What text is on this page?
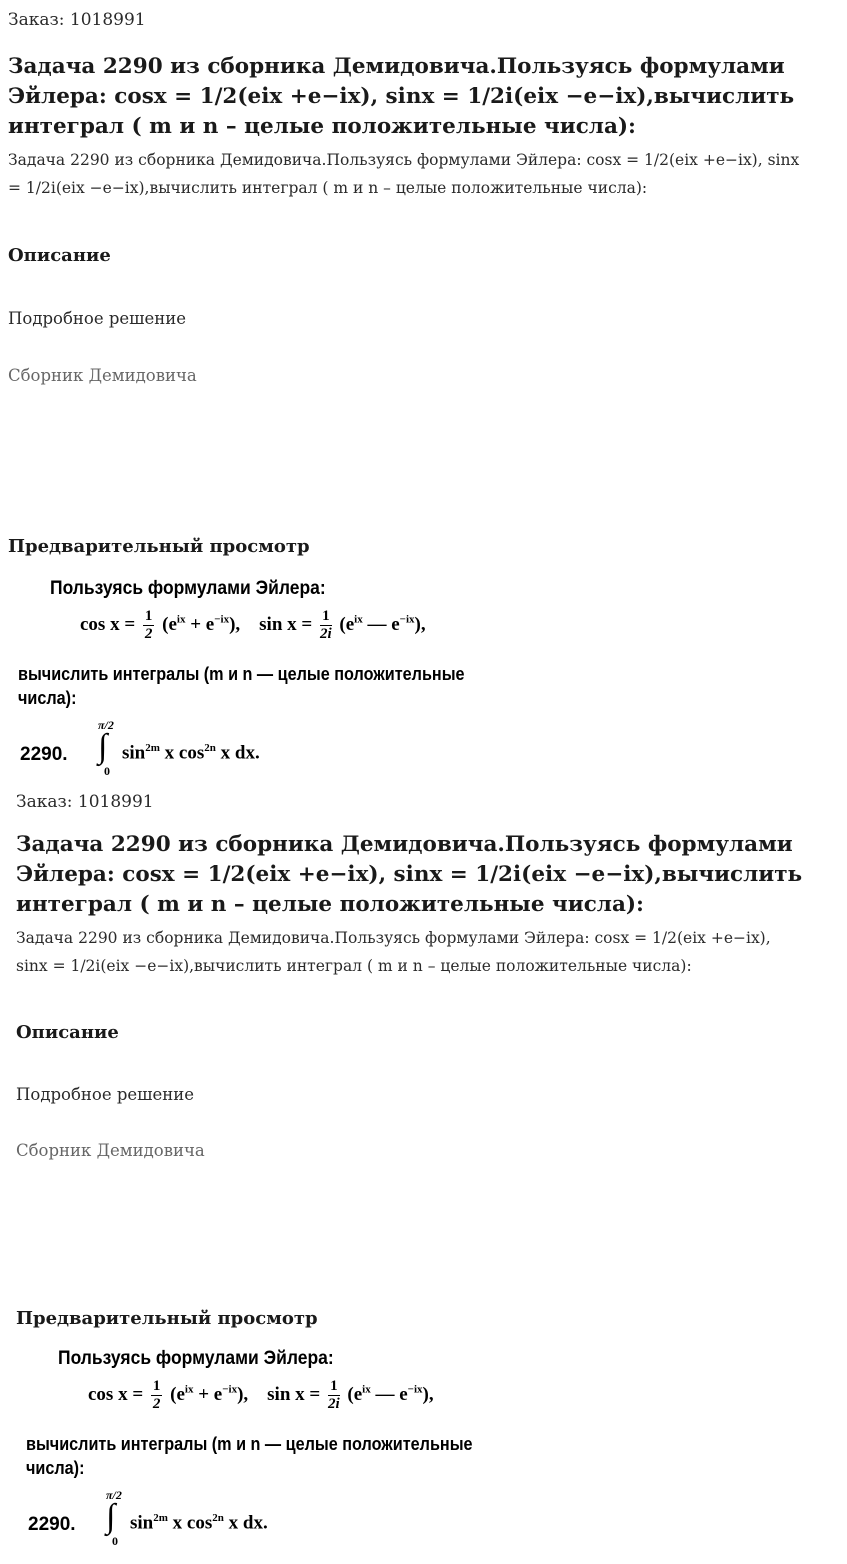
Заказ: 1018991

Задача 2290 из сборника Демидовича.Пользуясь формулами Эйлера: cosx = 1/2(eix +e−ix), sinx = 1/2i(eix −e−ix),вычислить интеграл ( m и n – целые положительные числа):

Задача 2290 из сборника Демидовича.Пользуясь формулами Эйлера: cosx = 1/2(eix +e−ix), sinx = 1/2i(eix −e−ix),вычислить интеграл ( m и n – целые положительные числа):

Описание

Подробное решение

Сборник Демидовича

Предварительный просмотр

Пользуясь формулами Эйлера:
$\cos x = \frac{1}{2} (e^{ix} + e^{-ix})$, $\sin x = \frac{1}{2i} (e^{ix}$ — $e^{-ix}$),
вычислить интегралы (m и n — целые положительные
числа):
2290.
π/2
∫
0
$\sin^{2m} x$ $\cos^{2n} x$ dx.

Заказ: 1018991

Задача 2290 из сборника Демидовича.Пользуясь формулами Эйлера: cosx = 1/2(eix +e−ix), sinx = 1/2i(eix −e−ix),вычислить интеграл ( m и n – целые положительные числа):

Задача 2290 из сборника Демидовича.Пользуясь формулами Эйлера: cosx = 1/2(eix +e−ix), sinx = 1/2i(eix −e−ix),вычислить интеграл ( m и n – целые положительные числа):

Описание

Подробное решение

Сборник Демидовича

Предварительный просмотр

Пользуясь формулами Эйлера:
$\cos x = \frac{1}{2} (e^{ix} + e^{-ix})$, $\sin x = \frac{1}{2i} (e^{ix}$ — $e^{-ix}$),
вычислить интегралы (m и n — целые положительные
числа):
2290.
π/2
∫
0
$\sin^{2m} x$ $\cos^{2n} x$ dx.
